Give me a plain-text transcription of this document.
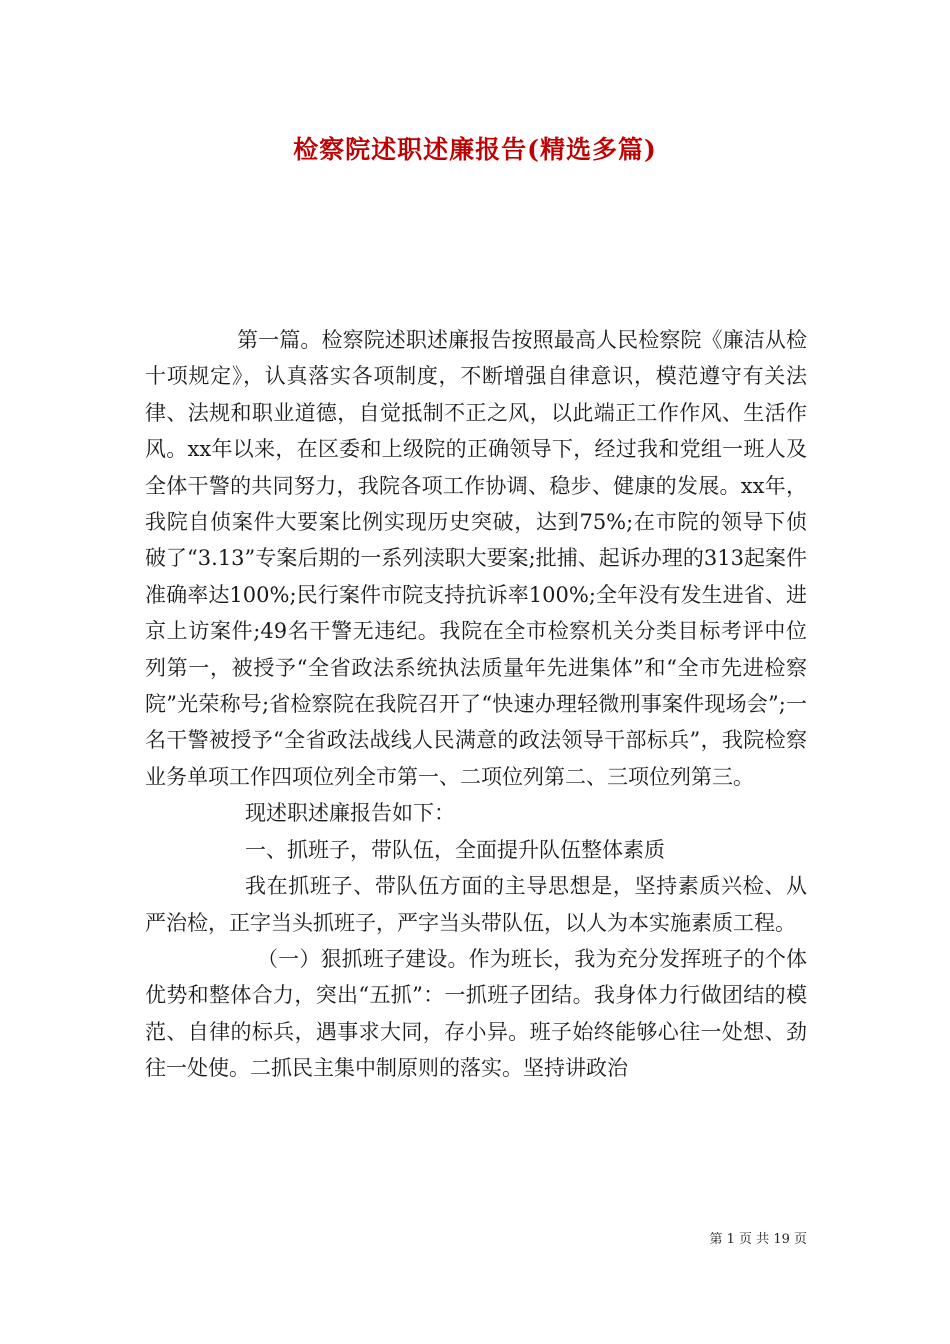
检察院述职述廉报告(精选多篇)

第一篇。检察院述职述廉报告按照最高人民检察院《廉洁从检十项规定》，认真落实各项制度，不断增强自律意识，模范遵守有关法律、法规和职业道德，自觉抵制不正之风，以此端正工作作风、生活作风。xx年以来，在区委和上级院的正确领导下，经过我和党组一班人及全体干警的共同努力，我院各项工作协调、稳步、健康的发展。xx年，我院自侦案件大要案比例实现历史突破，达到75%;在市院的领导下侦破了“3.13”专案后期的一系列渎职大要案;批捕、起诉办理的313起案件准确率达100%;民行案件市院支持抗诉率100%;全年没有发生进省、进京上访案件;49名干警无违纪。我院在全市检察机关分类目标考评中位列第一，被授予“全省政法系统执法质量年先进集体”和“全市先进检察院”光荣称号;省检察院在我院召开了“快速办理轻微刑事案件现场会”;一名干警被授予“全省政法战线人民满意的政法领导干部标兵”，我院检察业务单项工作四项位列全市第一、二项位列第二、三项位列第三。

现述职述廉报告如下：

一、抓班子，带队伍，全面提升队伍整体素质

我在抓班子、带队伍方面的主导思想是，坚持素质兴检、从严治检，正字当头抓班子，严字当头带队伍，以人为本实施素质工程。

（一）狠抓班子建设。作为班长，我为充分发挥班子的个体优势和整体合力，突出“五抓”：一抓班子团结。我身体力行做团结的模范、自律的标兵，遇事求大同，存小异。班子始终能够心往一处想、劲往一处使。二抓民主集中制原则的落实。坚持讲政治

第 1 页 共 19 页
